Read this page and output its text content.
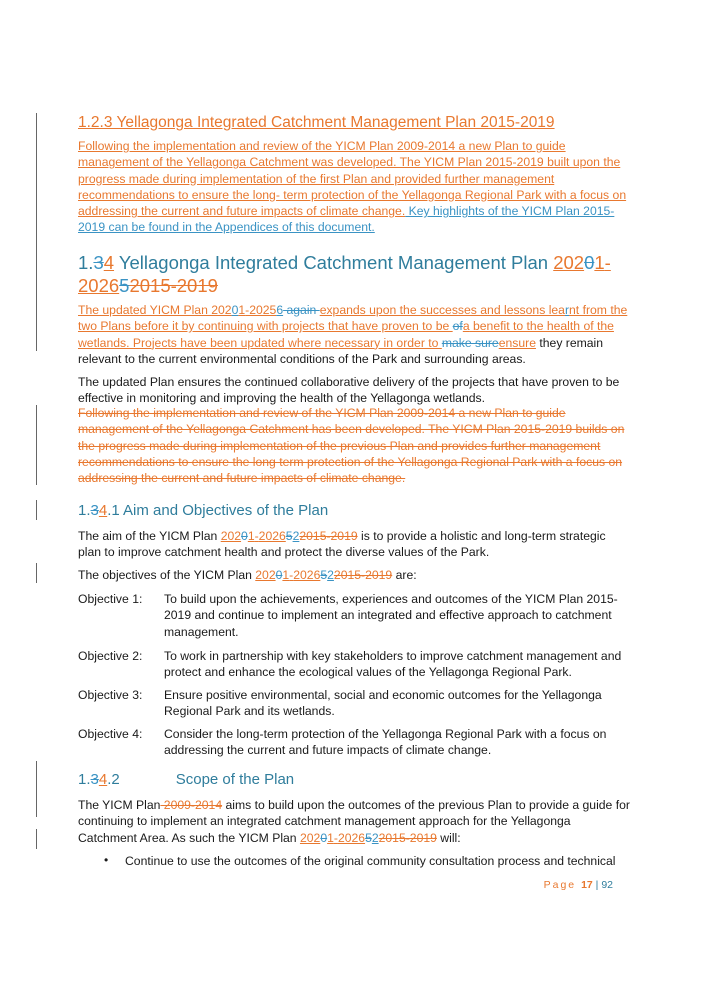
1.2.3 Yellagonga Integrated Catchment Management Plan 2015-2019
Following the implementation and review of the YICM Plan 2009-2014 a new Plan to guide management of the Yellagonga Catchment was developed. The YICM Plan 2015-2019 built upon the progress made during implementation of the first Plan and provided further management recommendations to ensure the long- term protection of the Yellagonga Regional Park with a focus on addressing the current and future impacts of climate change. Key highlights of the YICM Plan 2015-2019 can be found in the Appendices of this document.
1.34 Yellagonga Integrated Catchment Management Plan 20201-
202652015-2019
The updated YICM Plan 20201-20256 again expands upon the successes and lessons learnt from the two Plans before it by continuing with projects that have proven to be ofa benefit to the health of the wetlands. Projects have been updated where necessary in order to make sureensure they remain relevant to the current environmental conditions of the Park and surrounding areas.
The updated Plan ensures the continued collaborative delivery of the projects that have proven to be effective in monitoring and improving the health of the Yellagonga wetlands.
Following the implementation and review of the YICM Plan 2009-2014 a new Plan to guide management of the Yellagonga Catchment has been developed. The YICM Plan 2015-2019 builds on the progress made during implementation of the previous Plan and provides further management recommendations to ensure the long term protection of the Yellagonga Regional Park with a focus on addressing the current and future impacts of climate change.
1.34.1 Aim and Objectives of the Plan
The aim of the YICM Plan 20201-2026522015-2019 is to provide a holistic and long-term strategic plan to improve catchment health and protect the diverse values of the Park.
The objectives of the YICM Plan 20201-2026522015-2019 are:
Objective 1:	To build upon the achievements, experiences and outcomes of the YICM Plan 2015-2019 and continue to implement an integrated and effective approach to catchment management.
Objective 2:	To work in partnership with key stakeholders to improve catchment management and protect and enhance the ecological values of the Yellagonga Regional Park.
Objective 3:	Ensure positive environmental, social and economic outcomes for the Yellagonga Regional Park and its wetlands.
Objective 4:	Consider the long-term protection of the Yellagonga Regional Park with a focus on addressing the current and future impacts of climate change.
1.34.2	Scope of the Plan
The YICM Plan 2009-2014 aims to build upon the outcomes of the previous Plan to provide a guide for continuing to implement an integrated catchment management approach for the Yellagonga Catchment Area. As such the YICM Plan 20201-2026522015-2019 will:
• Continue to use the outcomes of the original community consultation process and technical
Page 17 | 92
